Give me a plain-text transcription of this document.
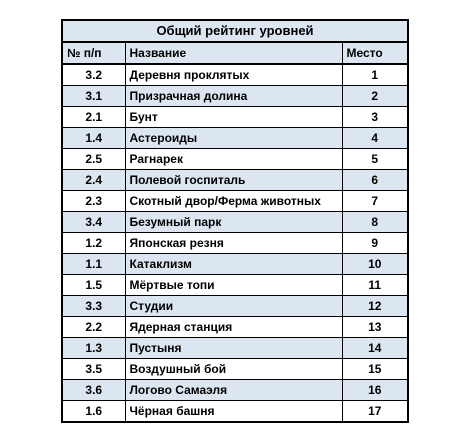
Общий рейтинг уровней		
№ п/п	Название	Место
3.2	Деревня проклятых	1
3.1	Призрачная долина	2
2.1	Бунт	3
1.4	Астероиды	4
2.5	Рагнарек	5
2.4	Полевой госпиталь	6
2.3	Скотный двор/Ферма животных	7
3.4	Безумный парк	8
1.2	Японская резня	9
1.1	Катаклизм	10
1.5	Мёртвые топи	11
3.3	Студии	12
2.2	Ядерная станция	13
1.3	Пустыня	14
3.5	Воздушный бой	15
3.6	Логово Самаэля	16
1.6	Чёрная башня	17
